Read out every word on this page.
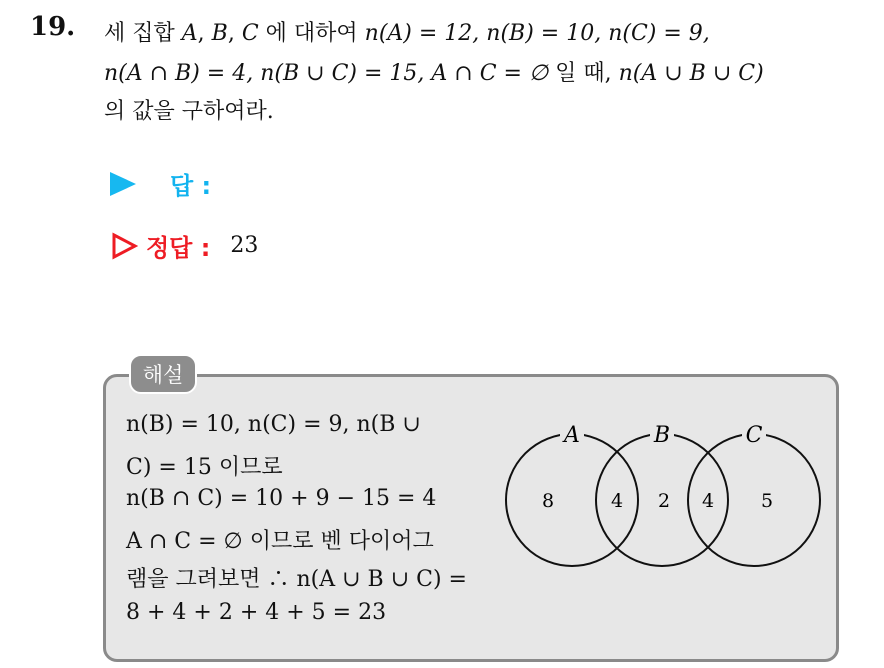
19. 세 집합 A, B, C 에 대하여 n(A) = 12, n(B) = 10, n(C) = 9,
n(A ∩ B) = 4, n(B ∪ C) = 15, A ∩ C = ∅ 일 때, n(A ∪ B ∪ C)
의 값을 구하여라.
답 :
정답 : 23
해설
n(B) = 10, n(C) = 9, n(B ∪
C) = 15 이므로
n(B ∩ C) = 10 + 9 − 15 = 4
A ∩ C = ∅ 이므로 벤 다이어그
램을 그려보면 ∴ n(A ∪ B ∪ C) =
8 + 4 + 2 + 4 + 5 = 23
A	B	C
8	4 2 4 5
